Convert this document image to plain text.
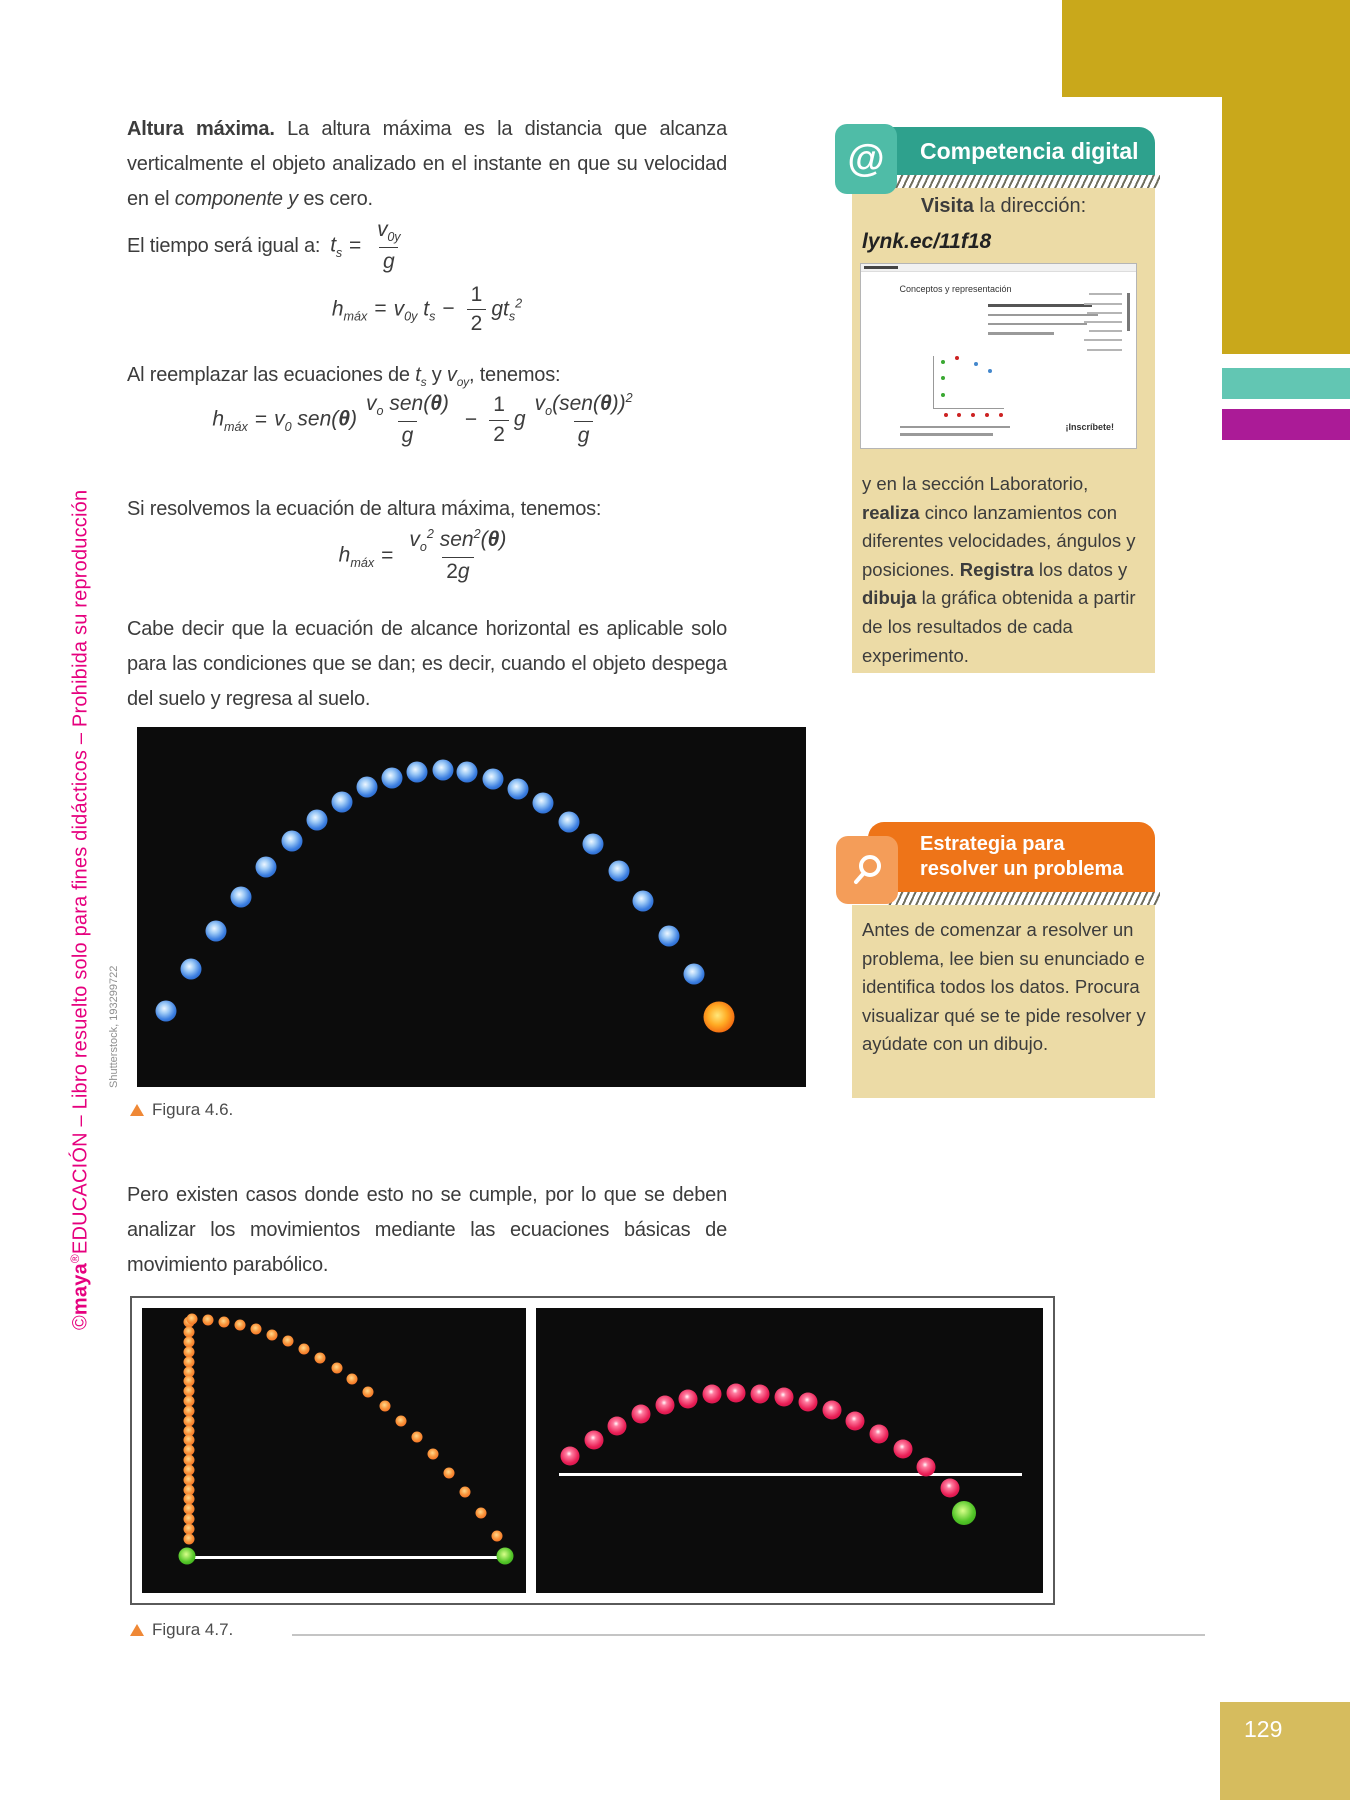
129
©maya®EDUCACIÓN – Libro resuelto solo para fines didácticos – Prohibida su reproducción Shutterstock, 193299722

Altura máxima. La altura máxima es la distancia que alcanza verticalmente el objeto analizado en el instante en que su velocidad en el componente y es cero.

El tiempo será igual a: $t_s = \frac{v_{0y}}{g}$
$h_{máx} = v_{0y}$ $t_s - \frac{1}{2} gt_s^2$

Al reemplazar las ecuaciones de $t_s$ y $v_{oy}$, tenemos:

$h_{máx} = v_0$ $sen(\theta) \frac{v_o sen(\theta)}{g} - \frac{1}{2}$ g $\frac{v_o(sen(\theta))^2}{g}$

Si resolvemos la ecuación de altura máxima, tenemos:

$h_{máx} = \frac{v_o^2 sen^2(\theta)}{2g}$

Cabe decir que la ecuación de alcance horizontal es aplicable solo para las condiciones que se dan; es decir, cuando el objeto despega del suelo y regresa al suelo.

Figura 4.6.

Pero existen casos donde esto no se cumple, por lo que se deben analizar los movimientos mediante las ecuaciones básicas de movimiento parabólico.

Figura 4.7.
Competencia digital
@
Visita la dirección:
lynk.ec/11f18
Conceptos y representación
¡Inscríbete!
y en la sección Laboratorio, realiza cinco lanzamientos con diferentes velocidades, ángulos y posiciones. Registra los datos y dibuja la gráfica obtenida a partir de los resultados de cada experimento.
Estrategia para
resolver un problema
Antes de comenzar a resolver un problema, lee bien su enunciado e identifica todos los datos. Procura visualizar qué se te pide resolver y ayúdate con un dibujo.
